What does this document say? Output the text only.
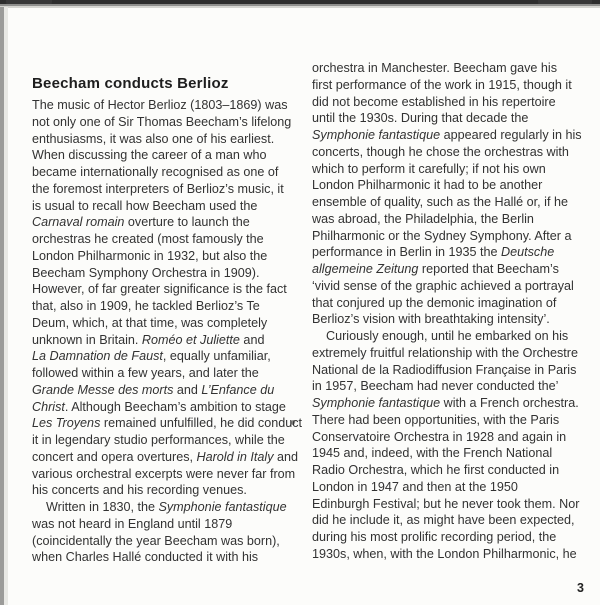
Beecham conducts Berlioz
The music of Hector Berlioz (1803–1869) was
not only one of Sir Thomas Beecham’s lifelong
enthusiasms, it was also one of his earliest.
When discussing the career of a man who
became internationally recognised as one of
the foremost interpreters of Berlioz’s music, it
is usual to recall how Beecham used the
Carnaval romain overture to launch the
orchestras he created (most famously the
London Philharmonic in 1932, but also the
Beecham Symphony Orchestra in 1909).
However, of far greater significance is the fact
that, also in 1909, he tackled Berlioz’s Te
Deum, which, at that time, was completely
unknown in Britain. Roméo et Juliette and
La Damnation de Faust, equally unfamiliar,
followed within a few years, and later the
Grande Messe des morts and L’Enfance du
Christ. Although Beecham’s ambition to stage
Les Troyens remained unfulfilled, he did conduct
it in legendary studio performances, while the
concert and opera overtures, Harold in Italy and
various orchestral excerpts were never far from
his concerts and his recording venues.
Written in 1830, the Symphonie fantastique
was not heard in England until 1879
(coincidentally the year Beecham was born),
when Charles Hallé conducted it with his
orchestra in Manchester. Beecham gave his
first performance of the work in 1915, though it
did not become established in his repertoire
until the 1930s. During that decade the
Symphonie fantastique appeared regularly in his
concerts, though he chose the orchestras with
which to perform it carefully; if not his own
London Philharmonic it had to be another
ensemble of quality, such as the Hallé or, if he
was abroad, the Philadelphia, the Berlin
Philharmonic or the Sydney Symphony. After a
performance in Berlin in 1935 the Deutsche
allgemeine Zeitung reported that Beecham’s
‘vivid sense of the graphic achieved a portrayal
that conjured up the demonic imagination of
Berlioz’s vision with breathtaking intensity’.
Curiously enough, until he embarked on his
extremely fruitful relationship with the Orchestre
National de la Radiodiffusion Française in Paris
in 1957, Beecham had never conducted the’
Symphonie fantastique with a French orchestra.
There had been opportunities, with the Paris
Conservatoire Orchestra in 1928 and again in
1945 and, indeed, with the French National
Radio Orchestra, which he first conducted in
London in 1947 and then at the 1950
Edinburgh Festival; but he never took them. Nor
did he include it, as might have been expected,
during his most prolific recording period, the
1930s, when, with the London Philharmonic, he
3
